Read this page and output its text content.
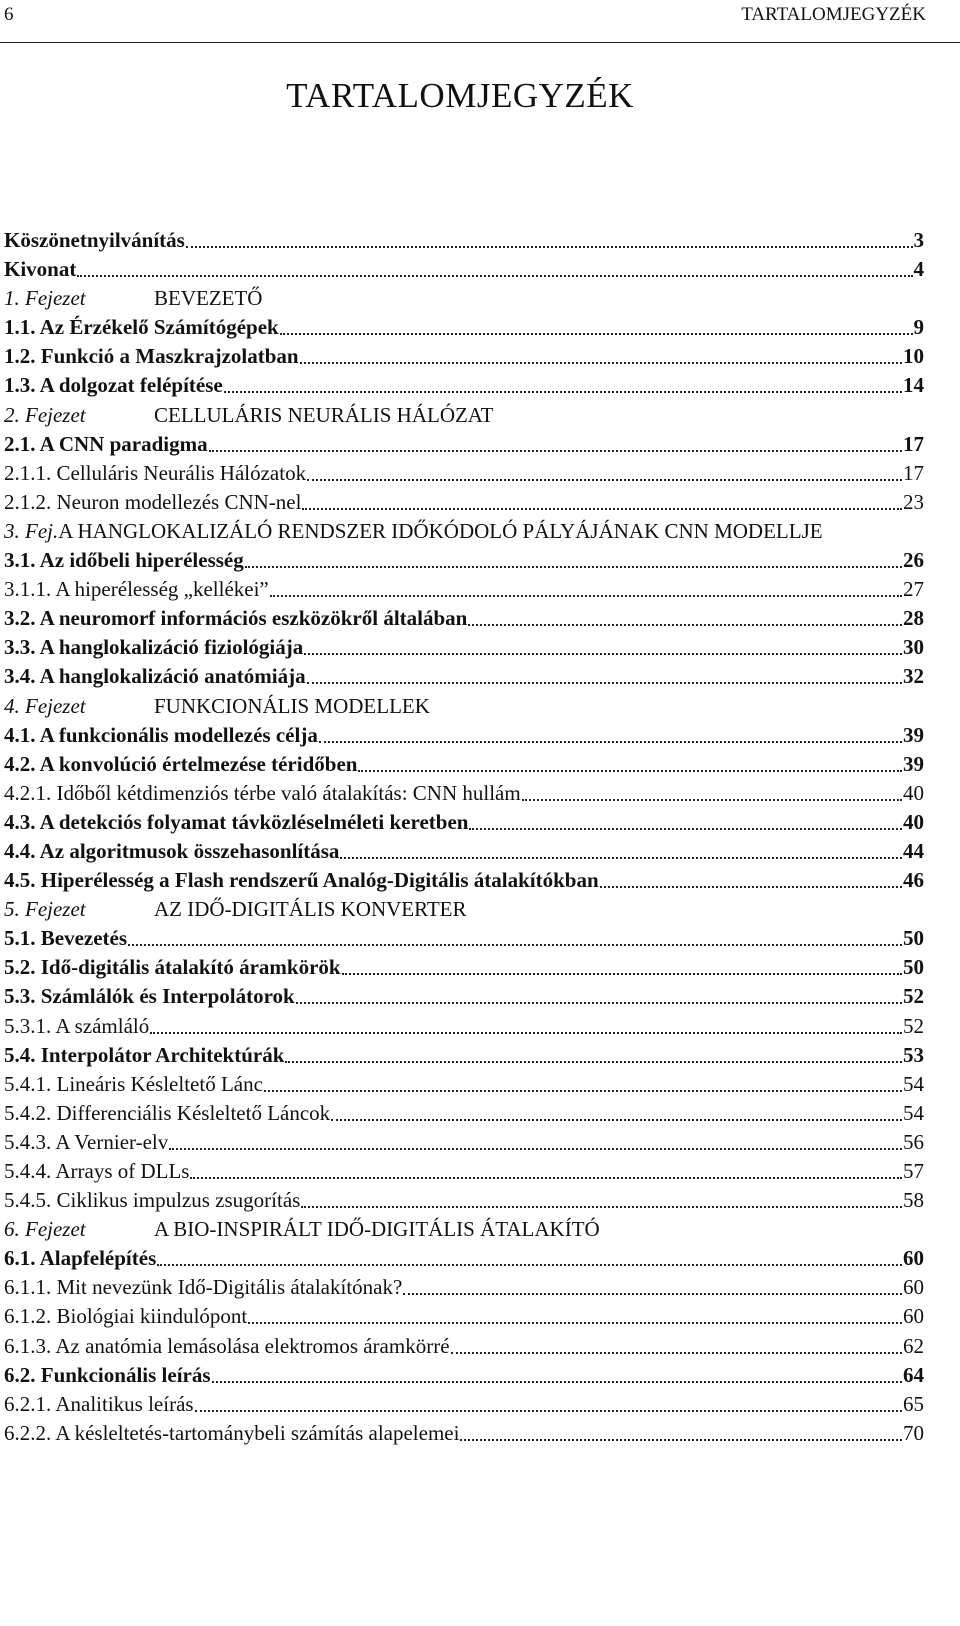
6	TARTALOMJEGYZÉK
TARTALOMJEGYZÉK
Köszönetnyilvánítás	3
Kivonat	4
1. Fejezet	BEVEZETŐ
1.1. Az Érzékelő Számítógépek	9
1.2. Funkció a Maszkrajzolatban	10
1.3. A dolgozat felépítése	14
2. Fejezet	CELLULÁRIS NEURÁLIS HÁLÓZAT
2.1. A CNN paradigma	17
2.1.1. Celluláris Neurális Hálózatok	17
2.1.2. Neuron modellezés CNN-nel	23
3. Fej. A HANGLOKALIZÁLÓ RENDSZER IDŐKÓDOLÓ PÁLYÁJÁNAK CNN MODELLJE
3.1. Az időbeli hiperélesség	26
3.1.1. A hiperélesség „kellékei”	27
3.2. A neuromorf információs eszközökről általában	28
3.3. A hanglokalizáció fiziológiája	30
3.4. A hanglokalizáció anatómiája	32
4. Fejezet	FUNKCIONÁLIS MODELLEK
4.1. A funkcionális modellezés célja	39
4.2. A konvolúció értelmezése téridőben	39
4.2.1. Időből kétdimenziós térbe való átalakítás: CNN hullám	40
4.3. A detekciós folyamat távközléselméleti keretben	40
4.4. Az algoritmusok összehasonlítása	44
4.5. Hiperélesség a Flash rendszerű Analóg-Digitális átalakítókban	46
5. Fejezet	AZ IDŐ-DIGITÁLIS KONVERTER
5.1. Bevezetés	50
5.2. Idő-digitális átalakító áramkörök	50
5.3. Számlálók és Interpolátorok	52
5.3.1. A számláló	52
5.4. Interpolátor Architektúrák	53
5.4.1. Lineáris Késleltető Lánc	54
5.4.2. Differenciális Késleltető Láncok	54
5.4.3. A Vernier-elv	56
5.4.4. Arrays of DLLs	57
5.4.5. Ciklikus impulzus zsugorítás	58
6. Fejezet	A BIO-INSPIRÁLT IDŐ-DIGITÁLIS ÁTALAKÍTÓ
6.1. Alapfelépítés	60
6.1.1. Mit nevezünk Idő-Digitális átalakítónak?	60
6.1.2. Biológiai kiindulópont	60
6.1.3. Az anatómia lemásolása elektromos áramkörré	62
6.2. Funkcionális leírás	64
6.2.1. Analitikus leírás	65
6.2.2. A késleltetés-tartománybeli számítás alapelemei	70
